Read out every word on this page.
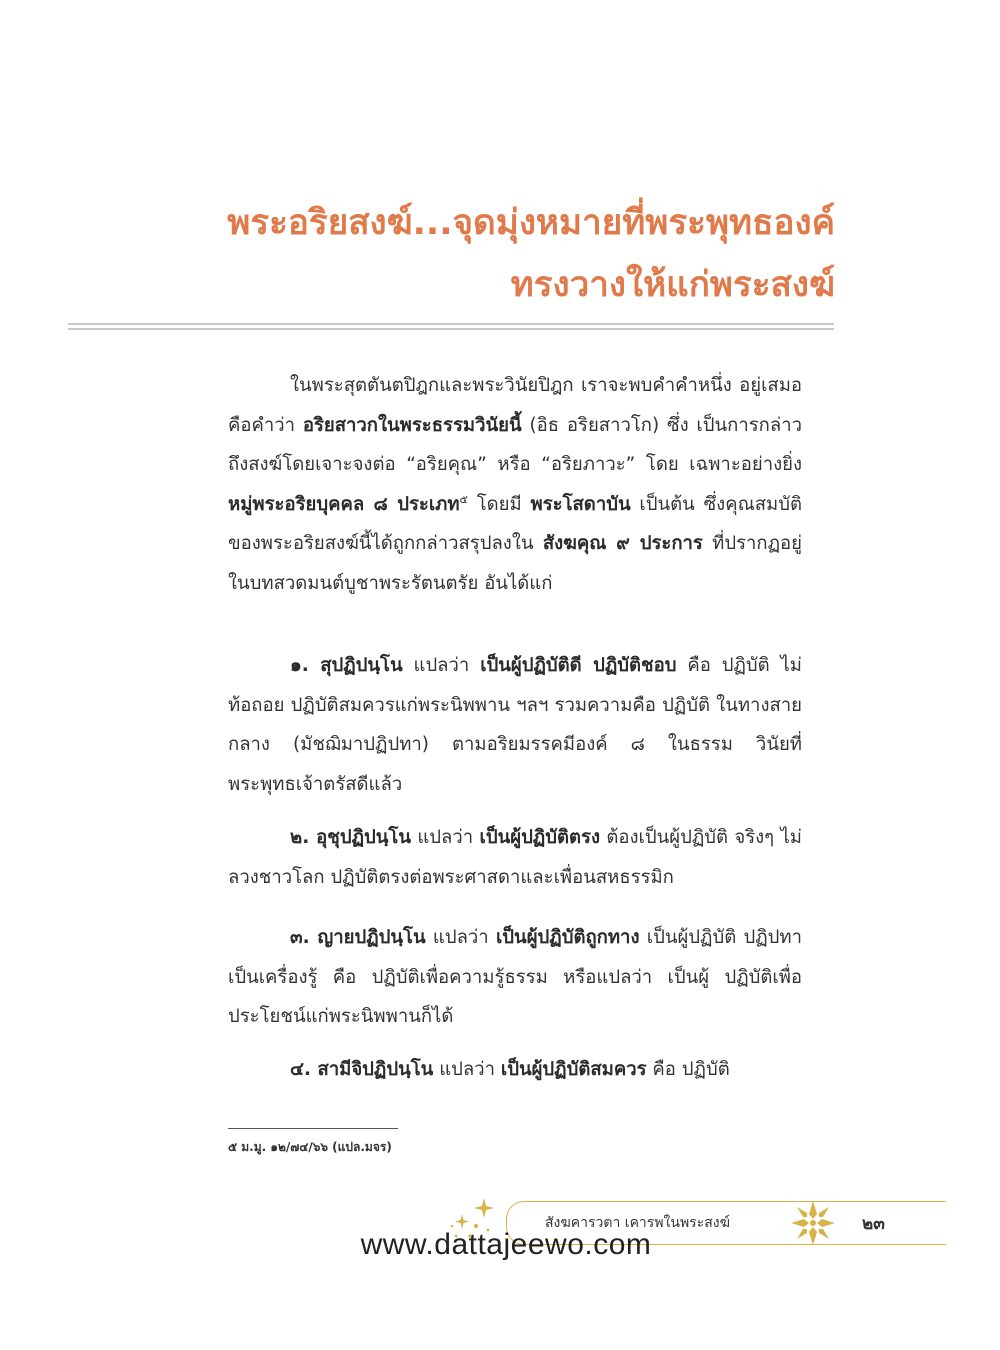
พระอริยสงฆ์...จุดมุ่งหมายที่พระพุทธองค์
ทรงวางให้แก่พระสงฆ์

ในพระสุตตันตปิฎกและพระวินัยปิฎก เราจะพบคำคำหนึ่ง อยู่เสมอ คือคำว่า อริยสาวกในพระธรรมวินัยนี้ (อิธ อริยสาวโก) ซึ่ง เป็นการกล่าวถึงสงฆ์โดยเจาะจงต่อ “อริยคุณ” หรือ “อริยภาวะ” โดย เฉพาะอย่างยิ่ง หมู่พระอริยบุคคล ๘ ประเภท$^๕$ โดยมี พระโสดาบัน เป็นต้น ซึ่งคุณสมบัติของพระอริยสงฆ์นี้ได้ถูกกล่าวสรุปลงใน สังฆคุณ ๙ ประการ ที่ปรากฏอยู่ในบทสวดมนต์บูชาพระรัตนตรัย อันได้แก่

๑. สุปฏิปนฺโน แปลว่า เป็นผู้ปฏิบัติดี ปฏิบัติชอบ คือ ปฏิบัติ ไม่ท้อถอย ปฏิบัติสมควรแก่พระนิพพาน ฯลฯ รวมความคือ ปฏิบัติ ในทางสายกลาง (มัชฌิมาปฏิปทา) ตามอริยมรรคมีองค์ ๘ ในธรรม วินัยที่พระพุทธเจ้าตรัสดีแล้ว

๒. อุชุปฏิปนฺโน แปลว่า เป็นผู้ปฏิบัติตรง ต้องเป็นผู้ปฏิบัติ จริงๆ ไม่ลวงชาวโลก ปฏิบัติตรงต่อพระศาสดาและเพื่อนสหธรรมิก

๓. ญายปฏิปนฺโน แปลว่า เป็นผู้ปฏิบัติถูกทาง เป็นผู้ปฏิบัติ ปฏิปทาเป็นเครื่องรู้ คือ ปฏิบัติเพื่อความรู้ธรรม หรือแปลว่า เป็นผู้ ปฏิบัติเพื่อประโยชน์แก่พระนิพพานก็ได้

๔. สามีจิปฏิปนฺโน แปลว่า เป็นผู้ปฏิบัติสมควร คือ ปฏิบัติ

๕ ม.มู. ๑๒/๗๔/๖๖ (แปล.มจร)
สังฆคารวตา เคารพในพระสงฆ์	๒๓
www.dattajeewo.com
